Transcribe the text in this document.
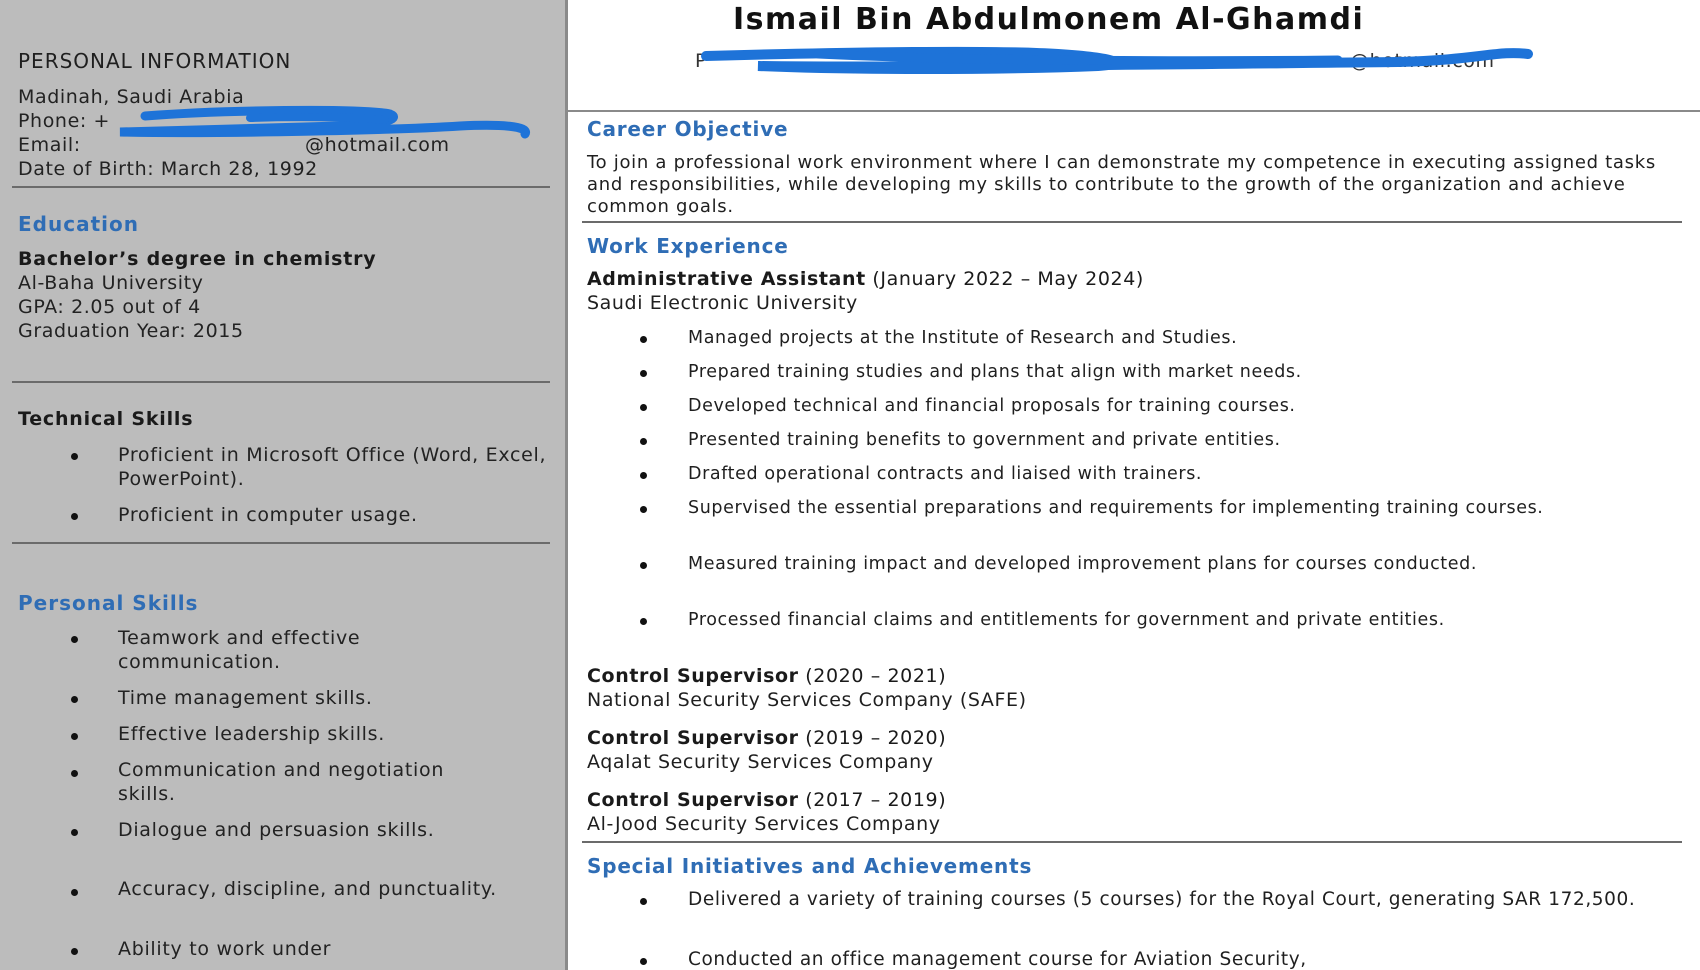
PERSONAL INFORMATION
Madinah, Saudi Arabia
Phone: +
Email:	@hotmail.com
Date of Birth: March 28, 1992
Education
Bachelor’s degree in chemistry
Al-Baha University
GPA: 2.05 out of 4
Graduation Year: 2015
Technical Skills
Proficient in Microsoft Office (Word, Excel, PowerPoint).
Proficient in computer usage.
Personal Skills
Teamwork and effective communication.
Time management skills.
Effective leadership skills.
Communication and negotiation skills.
Dialogue and persuasion skills.
Accuracy, discipline, and punctuality.
Ability to work under
Ismail Bin Abdulmonem Al-Ghamdi
P	@hotmail.com
Career Objective
To join a professional work environment where I can demonstrate my competence in executing assigned tasks and responsibilities, while developing my skills to contribute to the growth of the organization and achieve common goals.
Work Experience
Administrative Assistant (January 2022 – May 2024)
Saudi Electronic University
Managed projects at the Institute of Research and Studies.
Prepared training studies and plans that align with market needs.
Developed technical and financial proposals for training courses.
Presented training benefits to government and private entities.
Drafted operational contracts and liaised with trainers.
Supervised the essential preparations and requirements for implementing training courses.
Measured training impact and developed improvement plans for courses conducted.
Processed financial claims and entitlements for government and private entities.
Control Supervisor (2020 – 2021)
National Security Services Company (SAFE)
Control Supervisor (2019 – 2020)
Aqalat Security Services Company
Control Supervisor (2017 – 2019)
Al-Jood Security Services Company
Special Initiatives and Achievements
Delivered a variety of training courses (5 courses) for the Royal Court, generating SAR 172,500.
Conducted an office management course for Aviation Security,
